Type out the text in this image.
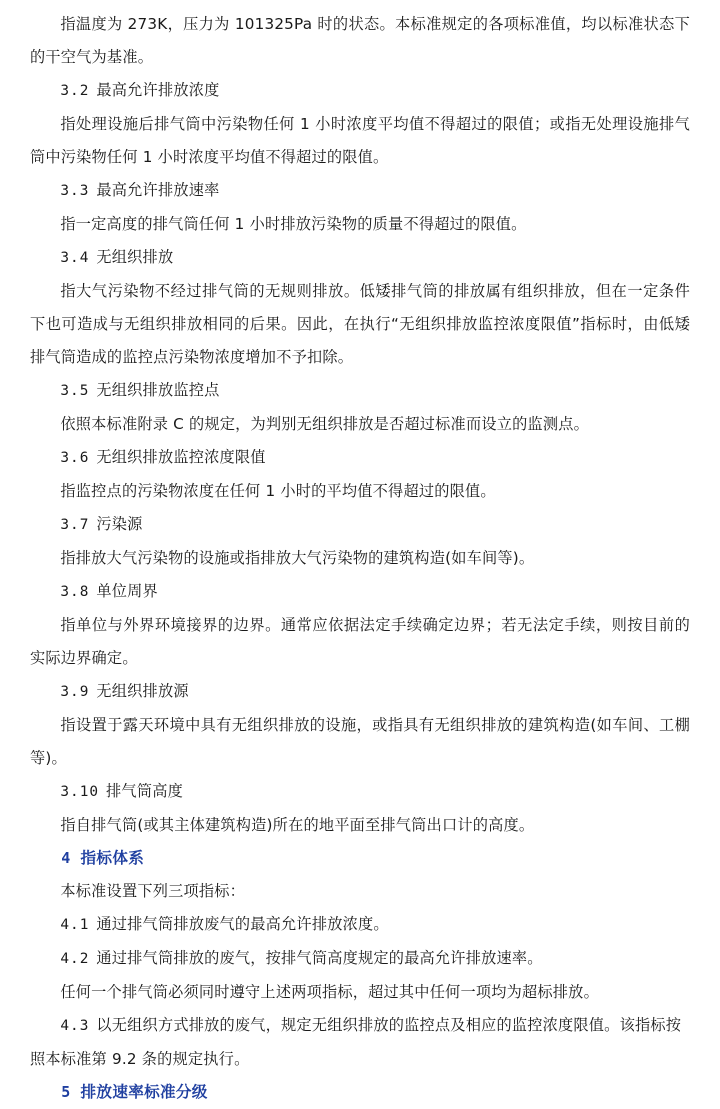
指温度为 273K，压力为 101325Pa 时的状态。本标准规定的各项标准值，均以标准状态下的干空气为基准。

3.2 最高允许排放浓度

指处理设施后排气筒中污染物任何 1 小时浓度平均值不得超过的限值；或指无处理设施排气筒中污染物任何 1 小时浓度平均值不得超过的限值。

3.3 最高允许排放速率

指一定高度的排气筒任何 1 小时排放污染物的质量不得超过的限值。

3.4 无组织排放

指大气污染物不经过排气筒的无规则排放。低矮排气筒的排放属有组织排放，但在一定条件下也可造成与无组织排放相同的后果。因此，在执行“无组织排放监控浓度限值”指标时，由低矮排气筒造成的监控点污染物浓度增加不予扣除。

3.5 无组织排放监控点

依照本标准附录 C 的规定，为判别无组织排放是否超过标准而设立的监测点。

3.6 无组织排放监控浓度限值

指监控点的污染物浓度在任何 1 小时的平均值不得超过的限值。

3.7 污染源

指排放大气污染物的设施或指排放大气污染物的建筑构造(如车间等)。

3.8 单位周界

指单位与外界环境接界的边界。通常应依据法定手续确定边界；若无法定手续，则按目前的实际边界确定。

3.9 无组织排放源

指设置于露天环境中具有无组织排放的设施，或指具有无组织排放的建筑构造(如车间、工棚等)。

3.10 排气筒高度

指自排气筒(或其主体建筑构造)所在的地平面至排气筒出口计的高度。

4 指标体系

本标准设置下列三项指标：

4.1 通过排气筒排放废气的最高允许排放浓度。

4.2 通过排气筒排放的废气，按排气筒高度规定的最高允许排放速率。

任何一个排气筒必须同时遵守上述两项指标，超过其中任何一项均为超标排放。

4.3 以无组织方式排放的废气，规定无组织排放的监控点及相应的监控浓度限值。该指标按照本标准第 9.2 条的规定执行。

5 排放速率标准分级
